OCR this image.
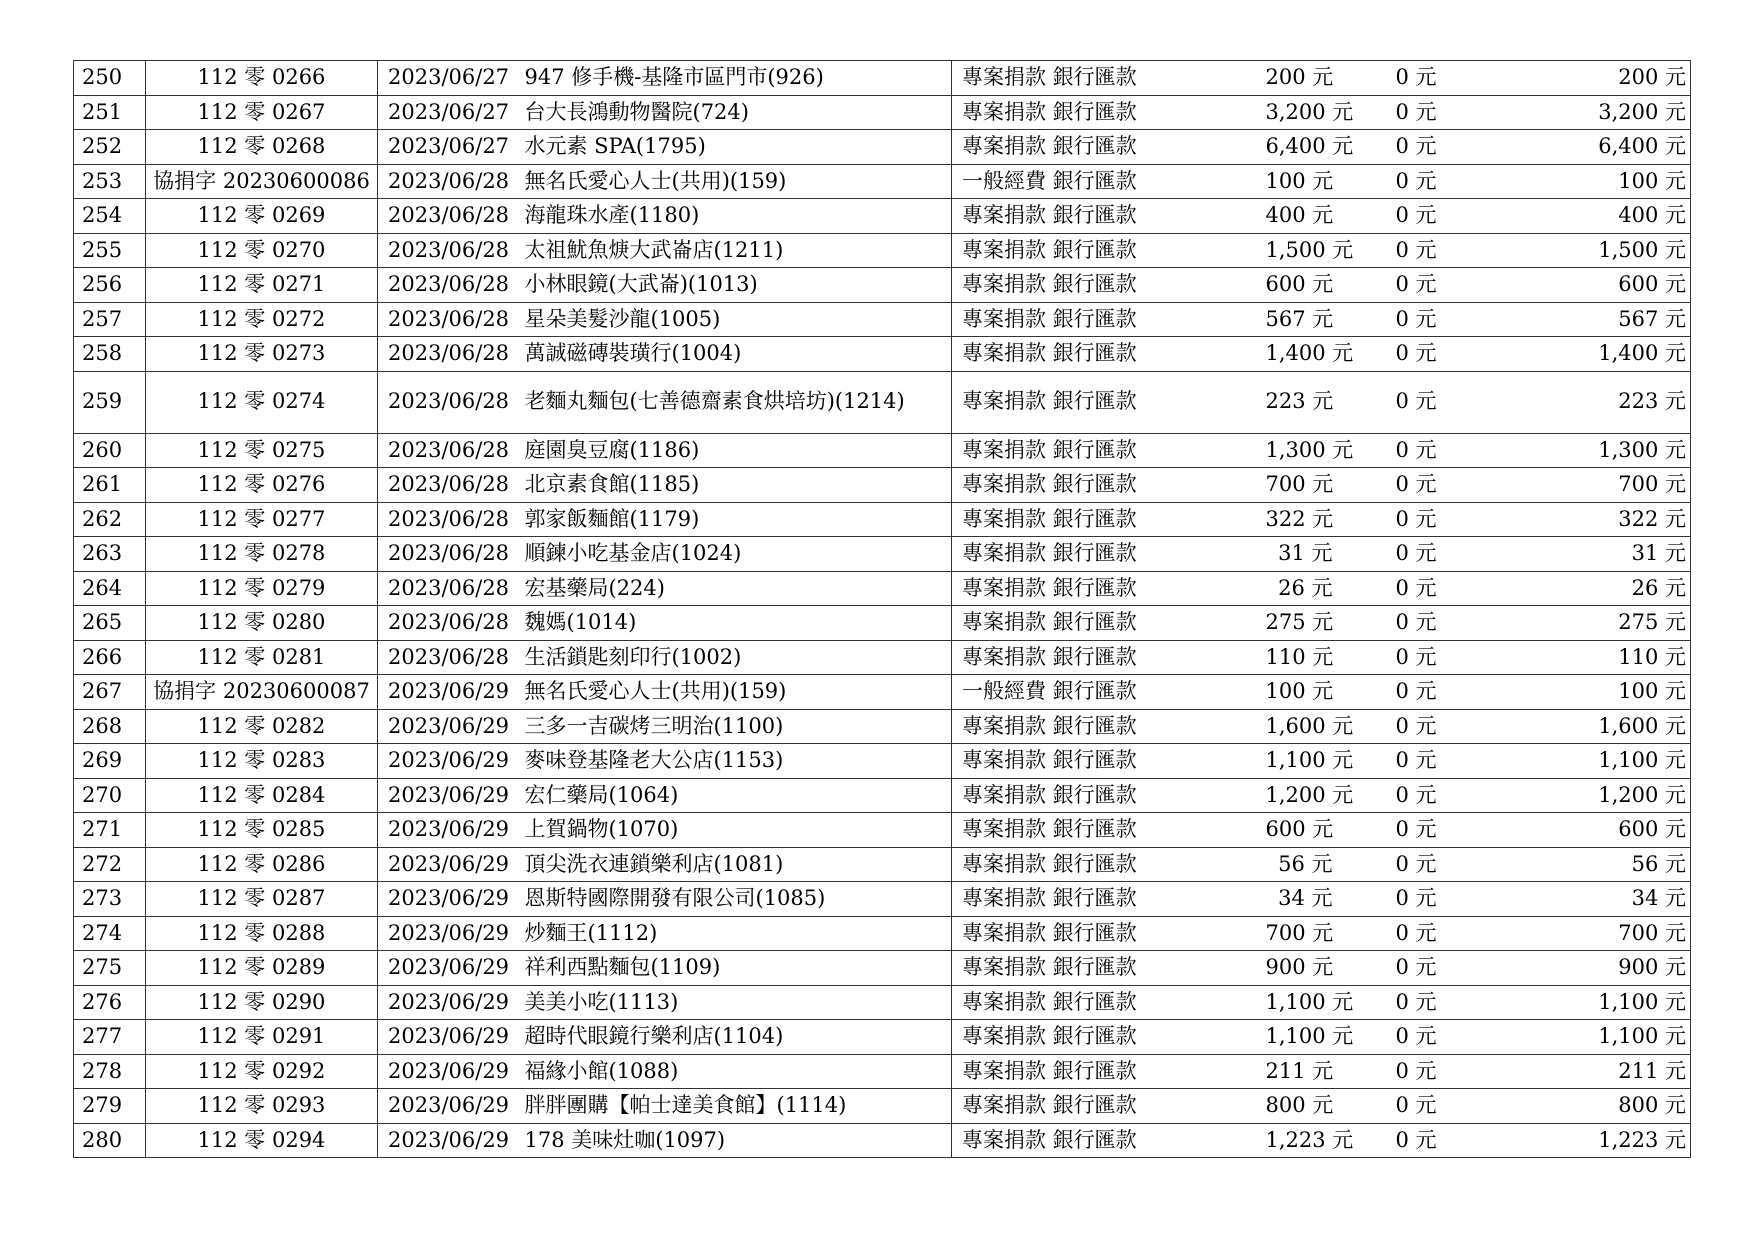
250	112 零 0266	2023/06/27	947 修手機-基隆市區門市(926)	專案捐款 銀行匯款	200 元	0 元	200 元
251	112 零 0267	2023/06/27	台大長鴻動物醫院(724)	專案捐款 銀行匯款	3,200 元	0 元	3,200 元
252	112 零 0268	2023/06/27	水元素 SPA(1795)	專案捐款 銀行匯款	6,400 元	0 元	6,400 元
253	協捐字 20230600086	2023/06/28	無名氏愛心人士(共用)(159)	一般經費 銀行匯款	100 元	0 元	100 元
254	112 零 0269	2023/06/28	海龍珠水產(1180)	專案捐款 銀行匯款	400 元	0 元	400 元
255	112 零 0270	2023/06/28	太祖魷魚焿大武崙店(1211)	專案捐款 銀行匯款	1,500 元	0 元	1,500 元
256	112 零 0271	2023/06/28	小林眼鏡(大武崙)(1013)	專案捐款 銀行匯款	600 元	0 元	600 元
257	112 零 0272	2023/06/28	星朵美髮沙龍(1005)	專案捐款 銀行匯款	567 元	0 元	567 元
258	112 零 0273	2023/06/28	萬誠磁磚裝璜行(1004)	專案捐款 銀行匯款	1,400 元	0 元	1,400 元
259	112 零 0274	2023/06/28	老麵丸麵包(七善德齋素食烘培坊)(1214)	專案捐款 銀行匯款	223 元	0 元	223 元
260	112 零 0275	2023/06/28	庭園臭豆腐(1186)	專案捐款 銀行匯款	1,300 元	0 元	1,300 元
261	112 零 0276	2023/06/28	北京素食館(1185)	專案捐款 銀行匯款	700 元	0 元	700 元
262	112 零 0277	2023/06/28	郭家飯麵館(1179)	專案捐款 銀行匯款	322 元	0 元	322 元
263	112 零 0278	2023/06/28	順鍊小吃基金店(1024)	專案捐款 銀行匯款	31 元	0 元	31 元
264	112 零 0279	2023/06/28	宏基藥局(224)	專案捐款 銀行匯款	26 元	0 元	26 元
265	112 零 0280	2023/06/28	魏媽(1014)	專案捐款 銀行匯款	275 元	0 元	275 元
266	112 零 0281	2023/06/28	生活鎖匙刻印行(1002)	專案捐款 銀行匯款	110 元	0 元	110 元
267	協捐字 20230600087	2023/06/29	無名氏愛心人士(共用)(159)	一般經費 銀行匯款	100 元	0 元	100 元
268	112 零 0282	2023/06/29	三多一吉碳烤三明治(1100)	專案捐款 銀行匯款	1,600 元	0 元	1,600 元
269	112 零 0283	2023/06/29	麥味登基隆老大公店(1153)	專案捐款 銀行匯款	1,100 元	0 元	1,100 元
270	112 零 0284	2023/06/29	宏仁藥局(1064)	專案捐款 銀行匯款	1,200 元	0 元	1,200 元
271	112 零 0285	2023/06/29	上賀鍋物(1070)	專案捐款 銀行匯款	600 元	0 元	600 元
272	112 零 0286	2023/06/29	頂尖洗衣連鎖樂利店(1081)	專案捐款 銀行匯款	56 元	0 元	56 元
273	112 零 0287	2023/06/29	恩斯特國際開發有限公司(1085)	專案捐款 銀行匯款	34 元	0 元	34 元
274	112 零 0288	2023/06/29	炒麵王(1112)	專案捐款 銀行匯款	700 元	0 元	700 元
275	112 零 0289	2023/06/29	祥利西點麵包(1109)	專案捐款 銀行匯款	900 元	0 元	900 元
276	112 零 0290	2023/06/29	美美小吃(1113)	專案捐款 銀行匯款	1,100 元	0 元	1,100 元
277	112 零 0291	2023/06/29	超時代眼鏡行樂利店(1104)	專案捐款 銀行匯款	1,100 元	0 元	1,100 元
278	112 零 0292	2023/06/29	福緣小館(1088)	專案捐款 銀行匯款	211 元	0 元	211 元
279	112 零 0293	2023/06/29	胖胖團購【帕士達美食館】(1114)	專案捐款 銀行匯款	800 元	0 元	800 元
280	112 零 0294	2023/06/29	178 美味灶咖(1097)	專案捐款 銀行匯款	1,223 元	0 元	1,223 元
